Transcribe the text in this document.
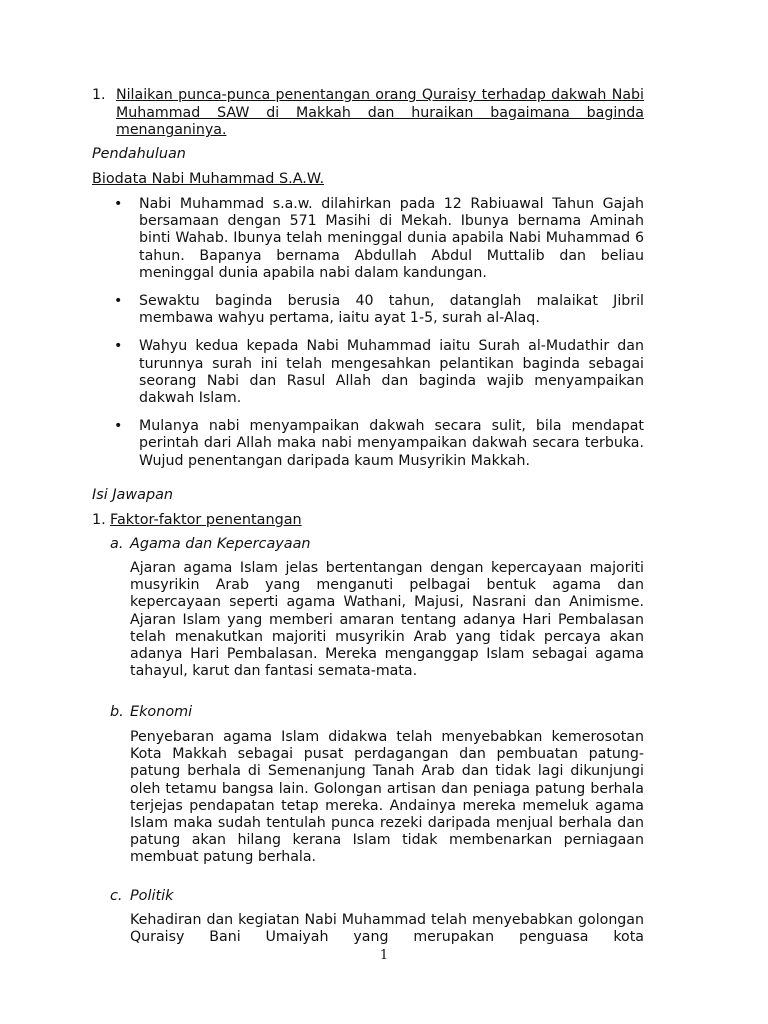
1. Nilaikan punca-punca penentangan orang Quraisy terhadap dakwah Nabi Muhammad SAW di Makkah dan huraikan bagaimana baginda menanganinya.
Pendahuluan
Biodata Nabi Muhammad S.A.W.
• Nabi Muhammad s.a.w. dilahirkan pada 12 Rabiuawal Tahun Gajah bersamaan dengan 571 Masihi di Mekah. Ibunya bernama Aminah binti Wahab. Ibunya telah meninggal dunia apabila Nabi Muhammad 6 tahun. Bapanya bernama Abdullah Abdul Muttalib dan beliau meninggal dunia apabila nabi dalam kandungan.
• Sewaktu baginda berusia 40 tahun, datanglah malaikat Jibril membawa wahyu pertama, iaitu ayat 1-5, surah al-Alaq.
• Wahyu kedua kepada Nabi Muhammad iaitu Surah al-Mudathir dan turunnya surah ini telah mengesahkan pelantikan baginda sebagai seorang Nabi dan Rasul Allah dan baginda wajib menyampaikan dakwah Islam.
• Mulanya nabi menyampaikan dakwah secara sulit, bila mendapat perintah dari Allah maka nabi menyampaikan dakwah secara terbuka. Wujud penentangan daripada kaum Musyrikin Makkah.
Isi Jawapan
1. Faktor-faktor penentangan
a. Agama dan Kepercayaan
Ajaran agama Islam jelas bertentangan dengan kepercayaan majoriti musyrikin Arab yang menganuti pelbagai bentuk agama dan kepercayaan seperti agama Wathani, Majusi, Nasrani dan Animisme. Ajaran Islam yang memberi amaran tentang adanya Hari Pembalasan telah menakutkan majoriti musyrikin Arab yang tidak percaya akan adanya Hari Pembalasan. Mereka menganggap Islam sebagai agama tahayul, karut dan fantasi semata-mata.
b. Ekonomi
Penyebaran agama Islam didakwa telah menyebabkan kemerosotan Kota Makkah sebagai pusat perdagangan dan pembuatan patung-patung berhala di Semenanjung Tanah Arab dan tidak lagi dikunjungi oleh tetamu bangsa lain. Golongan artisan dan peniaga patung berhala terjejas pendapatan tetap mereka. Andainya mereka memeluk agama Islam maka sudah tentulah punca rezeki daripada menjual berhala dan patung akan hilang kerana Islam tidak membenarkan perniagaan membuat patung berhala.
c. Politik
Kehadiran dan kegiatan Nabi Muhammad telah menyebabkan golongan Quraisy Bani Umaiyah yang merupakan penguasa kota
1
